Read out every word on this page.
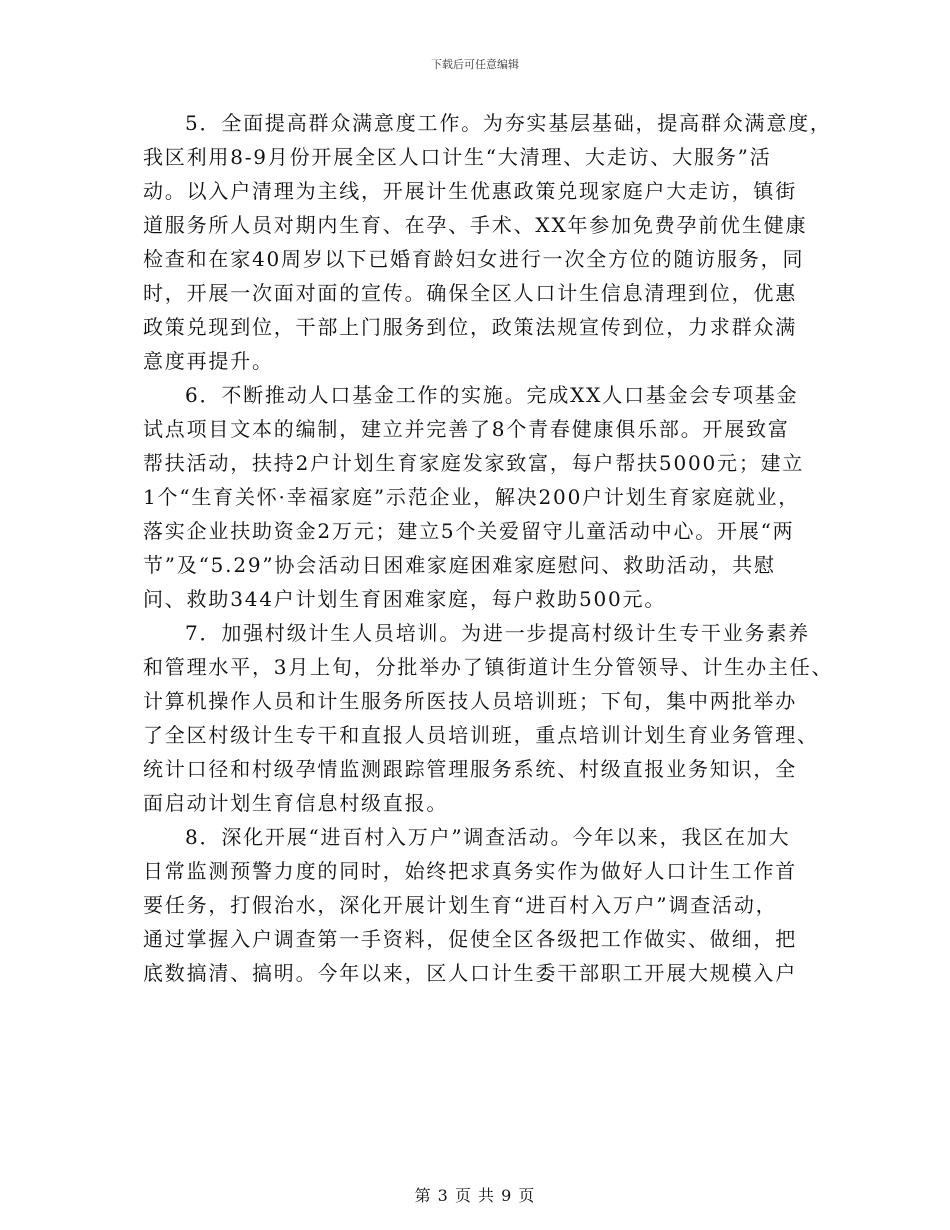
下载后可任意编辑

5．全面提高群众满意度工作。为夯实基层基础，提高群众满意度，

我区利用8-9月份开展全区人口计生“大清理、大走访、大服务”活

动。以入户清理为主线，开展计生优惠政策兑现家庭户大走访，镇街

道服务所人员对期内生育、在孕、手术、XX年参加免费孕前优生健康

检查和在家40周岁以下已婚育龄妇女进行一次全方位的随访服务，同

时，开展一次面对面的宣传。确保全区人口计生信息清理到位，优惠

政策兑现到位，干部上门服务到位，政策法规宣传到位，力求群众满

意度再提升。

6．不断推动人口基金工作的实施。完成XX人口基金会专项基金

试点项目文本的编制，建立并完善了8个青春健康俱乐部。开展致富

帮扶活动，扶持2户计划生育家庭发家致富，每户帮扶5000元；建立

1个“生育关怀·幸福家庭”示范企业，解决200户计划生育家庭就业，

落实企业扶助资金2万元；建立5个关爱留守儿童活动中心。开展“两

节”及“5.29”协会活动日困难家庭困难家庭慰问、救助活动，共慰

问、救助344户计划生育困难家庭，每户救助500元。

7．加强村级计生人员培训。为进一步提高村级计生专干业务素养

和管理水平，3月上旬，分批举办了镇街道计生分管领导、计生办主任、

计算机操作人员和计生服务所医技人员培训班；下旬，集中两批举办

了全区村级计生专干和直报人员培训班，重点培训计划生育业务管理、

统计口径和村级孕情监测跟踪管理服务系统、村级直报业务知识，全

面启动计划生育信息村级直报。

8．深化开展“进百村入万户”调查活动。今年以来，我区在加大

日常监测预警力度的同时，始终把求真务实作为做好人口计生工作首

要任务，打假治水，深化开展计划生育“进百村入万户”调查活动，

通过掌握入户调查第一手资料，促使全区各级把工作做实、做细，把

底数搞清、搞明。今年以来，区人口计生委干部职工开展大规模入户

第 3 页 共 9 页
